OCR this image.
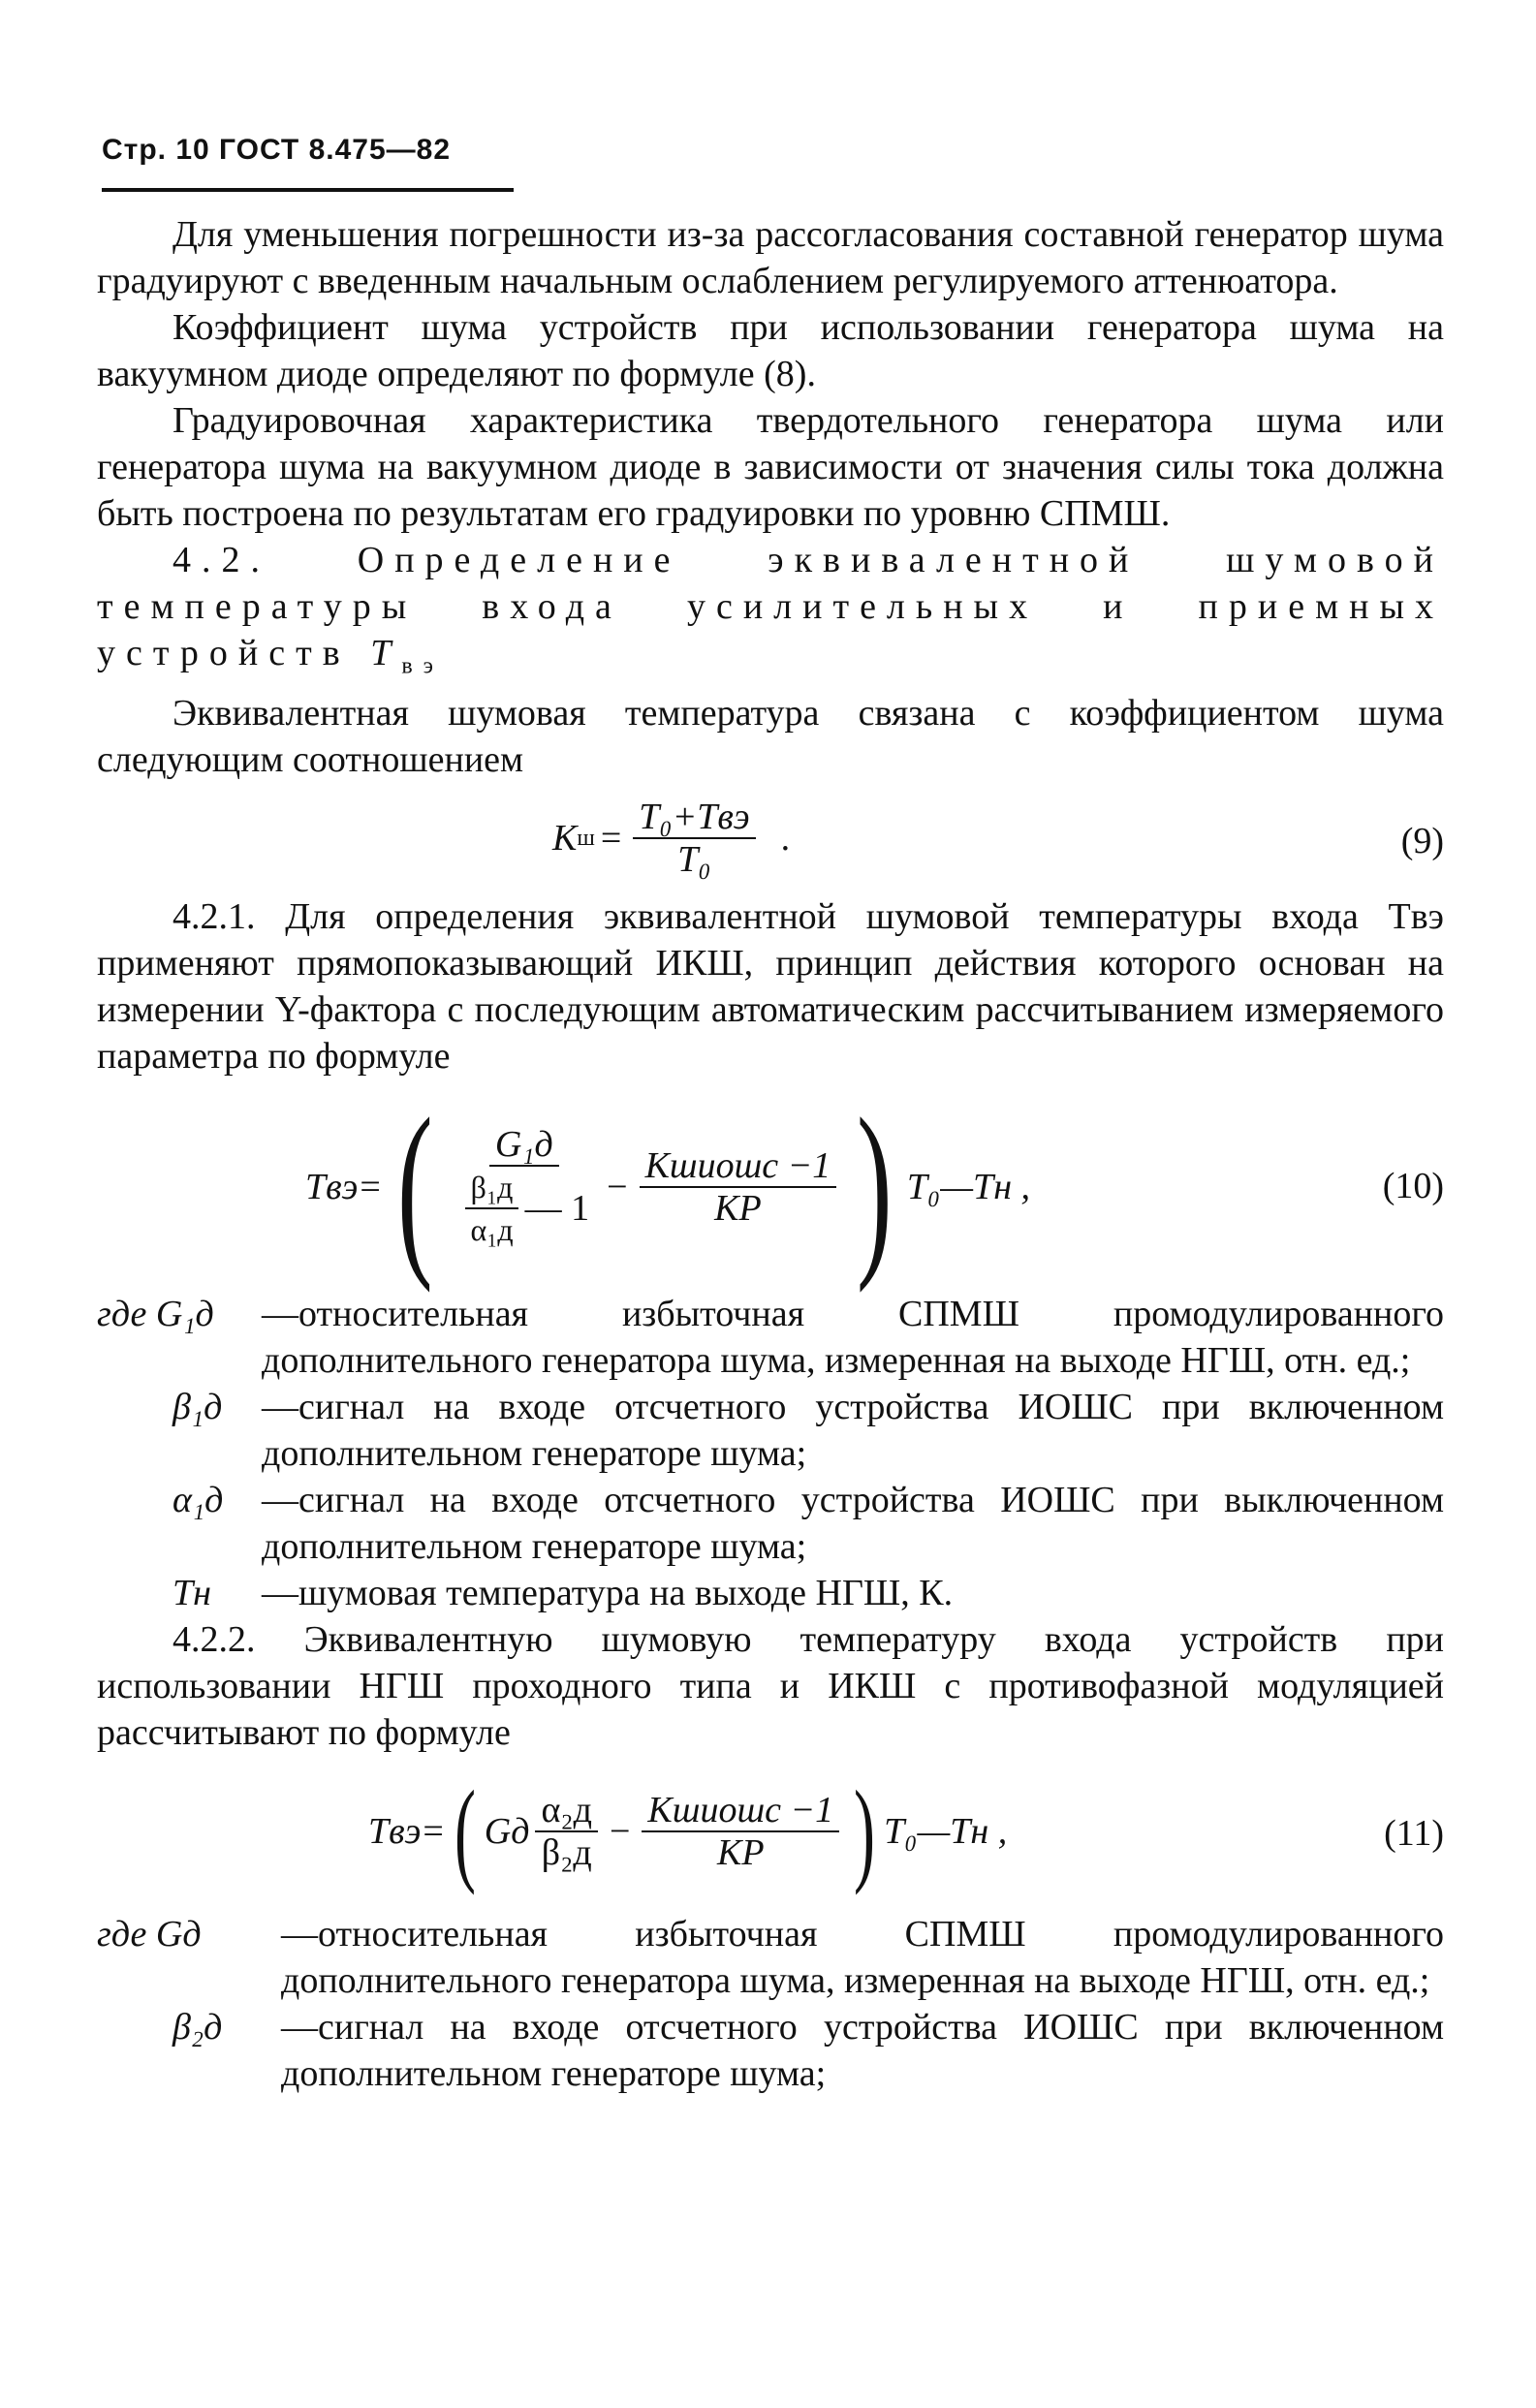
Стр. 10 ГОСТ 8.475—82

Для уменьшения погрешности из-за рассогласования составной генератор шума градуируют с введенным начальным ослаблением регулируемого аттенюатора.

Коэффициент шума устройств при использовании генератора шума на вакуумном диоде определяют по формуле (8).

Градуировочная характеристика твердотельного генератора шума или генератора шума на вакуумном диоде в зависимости от значения силы тока должна быть построена по результатам его градуировки по уровню СПМШ.

4.2. Определение эквивалентной шумовой температуры входа усилительных и приемных устройств $T_{вэ}$

Эквивалентная шумовая температура связана с коэффициентом шума следующим соотношением

K $ш = \frac{\text{T₀+Tвэ}}{\text{T₀}}$ .	(9)

4.2.1. Для определения эквивалентной шумовой температуры входа Tвэ применяют прямопоказывающий ИКШ, принцип действия которого основан на измерении Y-фактора с последующим автоматическим рассчитыванием измеряемого параметра по формуле

Tвэ = ( $\frac{\text{G₁д}}{\frac{\text{β₁д}}{\text{α₁д}} — 1} - \frac{\text{Kшиошс −1}}{KP}$ ) T₀—Tн ,	(10)
где G₁д	—относительная избыточная СПМШ промодулированного дополнительного генератора шума, измеренная на выходе НГШ, отн. ед.;
β₁д	—сигнал на входе отсчетного устройства ИОШС при включенном дополнительном генераторе шума;
α₁д	—сигнал на входе отсчетного устройства ИОШС при выключенном дополнительном генераторе шума;
Tн	—шумовая температура на выходе НГШ, К.

4.2.2. Эквивалентную шумовую температуру входа устройств при использовании НГШ проходного типа и ИКШ с противофазной модуляцией рассчитывают по формуле

Tвэ = ( Gд $\frac{\text{α₂д}}{\text{β₂д}} - \frac{\text{Kшиошс −1}}{KP}$ ) T₀—Tн ,	(11)
где Gд	—относительная избыточная СПМШ промодулированного дополнительного генератора шума, измеренная на выходе НГШ, отн. ед.;
β₂д	—сигнал на входе отсчетного устройства ИОШС при включенном дополнительном генераторе шума;
